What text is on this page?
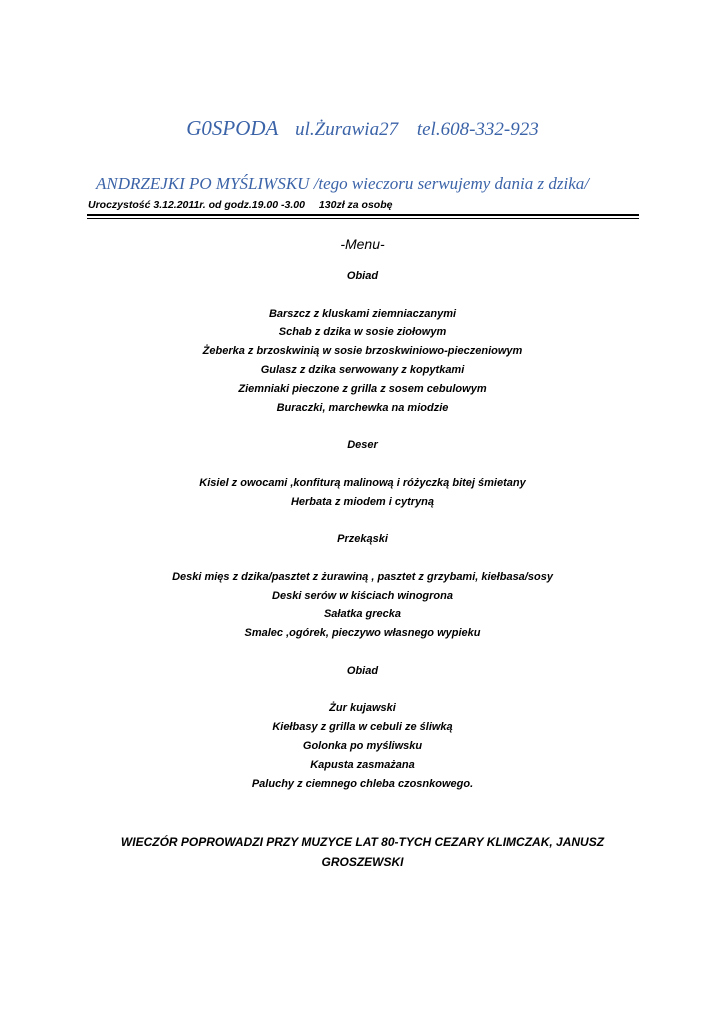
G0SPODA ul.Żurawia27 tel.608-332-923
ANDRZEJKI PO MYŚLIWSKU /tego wieczoru serwujemy dania z dzika/
Uroczystość 3.12.2011r. od godz.19.00 -3.00 130zł za osobę
-Menu-
Obiad
Barszcz z kluskami ziemniaczanymi
Schab z dzika w sosie ziołowym
Żeberka z brzoskwinią w sosie brzoskwiniowo-pieczeniowym
Gulasz z dzika serwowany z kopytkami
Ziemniaki pieczone z grilla z sosem cebulowym
Buraczki, marchewka na miodzie
Deser
Kisiel z owocami ,konfiturą malinową i różyczką bitej śmietany
Herbata z miodem i cytryną
Przekąski
Deski mięs z dzika/pasztet z żurawiną , pasztet z grzybami, kiełbasa/sosy
Deski serów w kiściach winogrona
Sałatka grecka
Smalec ,ogórek, pieczywo własnego wypieku
Obiad
Żur kujawski
Kiełbasy z grilla w cebuli ze śliwką
Golonka po myśliwsku
Kapusta zasmażana
Paluchy z ciemnego chleba czosnkowego.
WIECZÓR POPROWADZI PRZY MUZYCE LAT 80-TYCH CEZARY KLIMCZAK, JANUSZ GROSZEWSKI
